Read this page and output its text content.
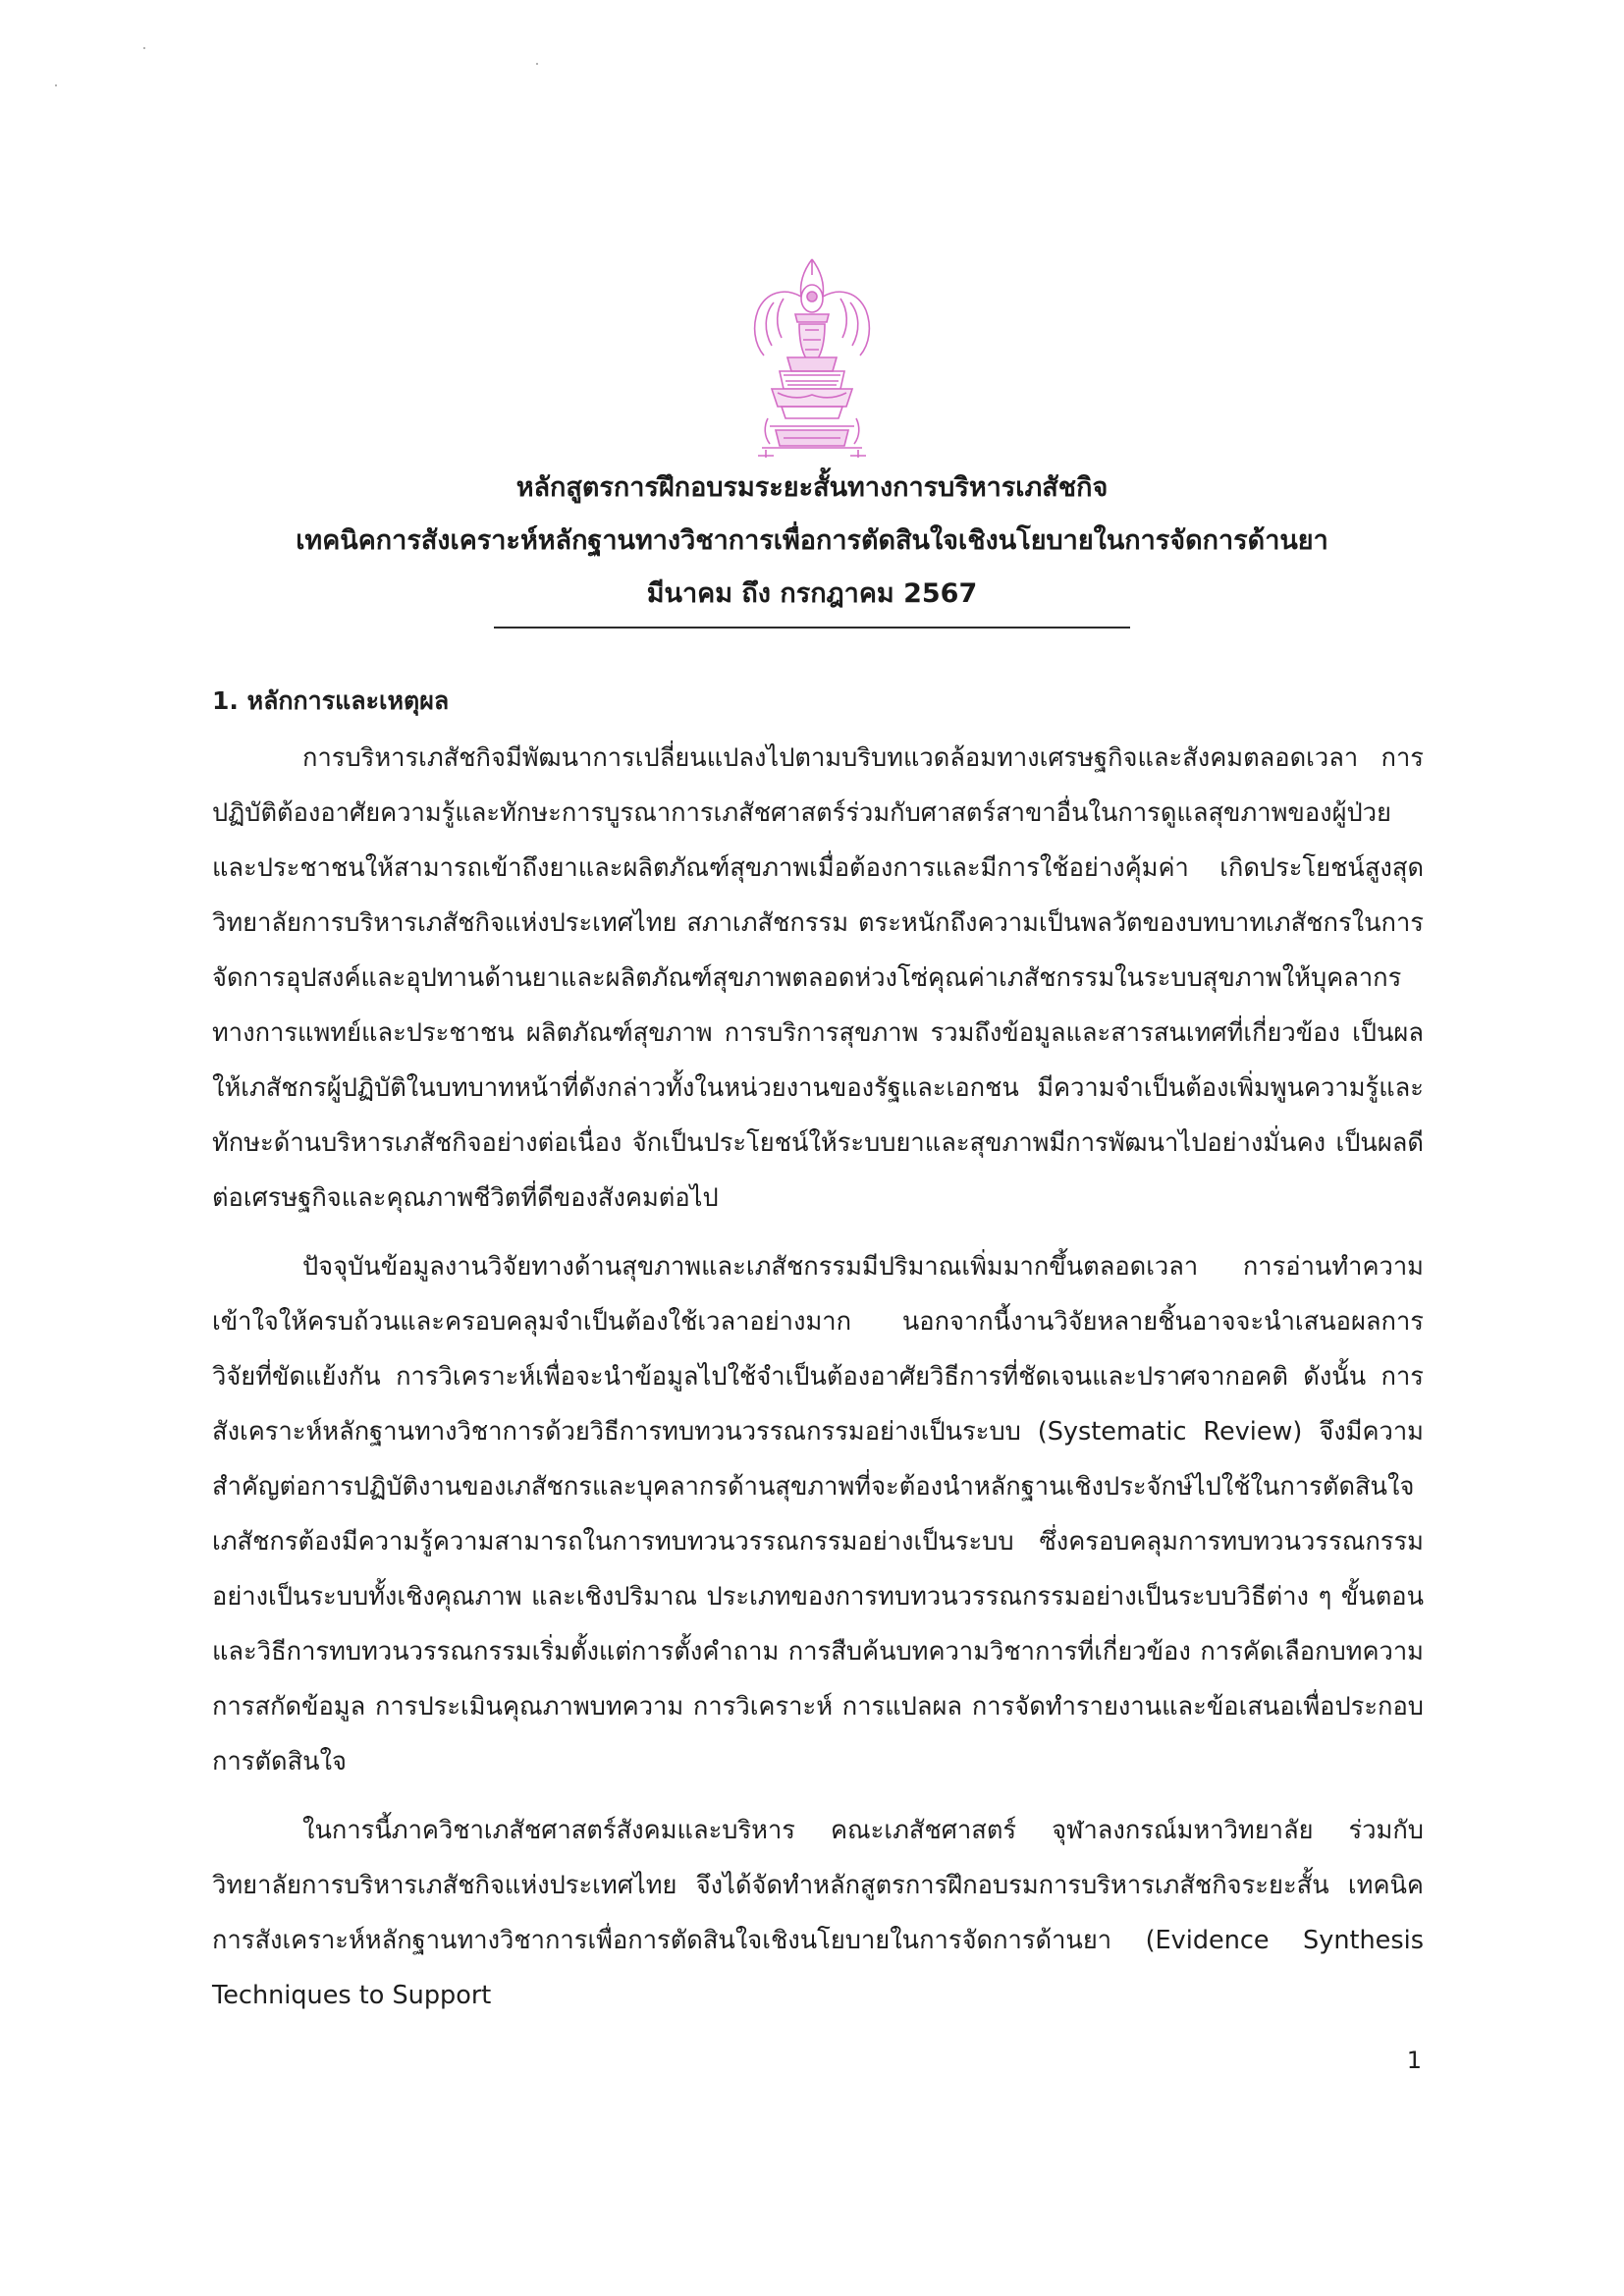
หลักสูตรการฝึกอบรมระยะสั้นทางการบริหารเภสัชกิจ
เทคนิคการสังเคราะห์หลักฐานทางวิชาการเพื่อการตัดสินใจเชิงนโยบายในการจัดการด้านยา
มีนาคม ถึง กรกฎาคม 2567
1. หลักการและเหตุผล

การบริหารเภสัชกิจมีพัฒนาการเปลี่ยนแปลงไปตามบริบทแวดล้อมทางเศรษฐกิจและสังคมตลอดเวลา การปฏิบัติต้องอาศัยความรู้และทักษะการบูรณาการเภสัชศาสตร์ร่วมกับศาสตร์สาขาอื่นในการดูแลสุขภาพของผู้ป่วยและประชาชนให้สามารถเข้าถึงยาและผลิตภัณฑ์สุขภาพเมื่อต้องการและมีการใช้อย่างคุ้มค่า เกิดประโยชน์สูงสุด วิทยาลัยการบริหารเภสัชกิจแห่งประเทศไทย สภาเภสัชกรรม ตระหนักถึงความเป็นพลวัตของบทบาทเภสัชกรในการจัดการอุปสงค์และอุปทานด้านยาและผลิตภัณฑ์สุขภาพตลอดห่วงโซ่คุณค่าเภสัชกรรมในระบบสุขภาพให้บุคลากรทางการแพทย์และประชาชน ผลิตภัณฑ์สุขภาพ การบริการสุขภาพ รวมถึงข้อมูลและสารสนเทศที่เกี่ยวข้อง เป็นผลให้เภสัชกรผู้ปฏิบัติในบทบาทหน้าที่ดังกล่าวทั้งในหน่วยงานของรัฐและเอกชน มีความจำเป็นต้องเพิ่มพูนความรู้และทักษะด้านบริหารเภสัชกิจอย่างต่อเนื่อง จักเป็นประโยชน์ให้ระบบยาและสุขภาพมีการพัฒนาไปอย่างมั่นคง เป็นผลดีต่อเศรษฐกิจและคุณภาพชีวิตที่ดีของสังคมต่อไป

ปัจจุบันข้อมูลงานวิจัยทางด้านสุขภาพและเภสัชกรรมมีปริมาณเพิ่มมากขึ้นตลอดเวลา การอ่านทำความเข้าใจให้ครบถ้วนและครอบคลุมจำเป็นต้องใช้เวลาอย่างมาก นอกจากนี้งานวิจัยหลายชิ้นอาจจะนำเสนอผลการวิจัยที่ขัดแย้งกัน การวิเคราะห์เพื่อจะนำข้อมูลไปใช้จำเป็นต้องอาศัยวิธีการที่ชัดเจนและปราศจากอคติ ดังนั้น การสังเคราะห์หลักฐานทางวิชาการด้วยวิธีการทบทวนวรรณกรรมอย่างเป็นระบบ (Systematic Review) จึงมีความสำคัญต่อการปฏิบัติงานของเภสัชกรและบุคลากรด้านสุขภาพที่จะต้องนำหลักฐานเชิงประจักษ์ไปใช้ในการตัดสินใจ เภสัชกรต้องมีความรู้ความสามารถในการทบทวนวรรณกรรมอย่างเป็นระบบ ซึ่งครอบคลุมการทบทวนวรรณกรรมอย่างเป็นระบบทั้งเชิงคุณภาพ และเชิงปริมาณ ประเภทของการทบทวนวรรณกรรมอย่างเป็นระบบวิธีต่าง ๆ ขั้นตอนและวิธีการทบทวนวรรณกรรมเริ่มตั้งแต่การตั้งคำถาม การสืบค้นบทความวิชาการที่เกี่ยวข้อง การคัดเลือกบทความ การสกัดข้อมูล การประเมินคุณภาพบทความ การวิเคราะห์ การแปลผล การจัดทำรายงานและข้อเสนอเพื่อประกอบการตัดสินใจ

ในการนี้ภาควิชาเภสัชศาสตร์สังคมและบริหาร คณะเภสัชศาสตร์ จุฬาลงกรณ์มหาวิทยาลัย ร่วมกับ วิทยาลัยการบริหารเภสัชกิจแห่งประเทศไทย จึงได้จัดทำหลักสูตรการฝึกอบรมการบริหารเภสัชกิจระยะสั้น เทคนิคการสังเคราะห์หลักฐานทางวิชาการเพื่อการตัดสินใจเชิงนโยบายในการจัดการด้านยา (Evidence Synthesis Techniques to Support

1
